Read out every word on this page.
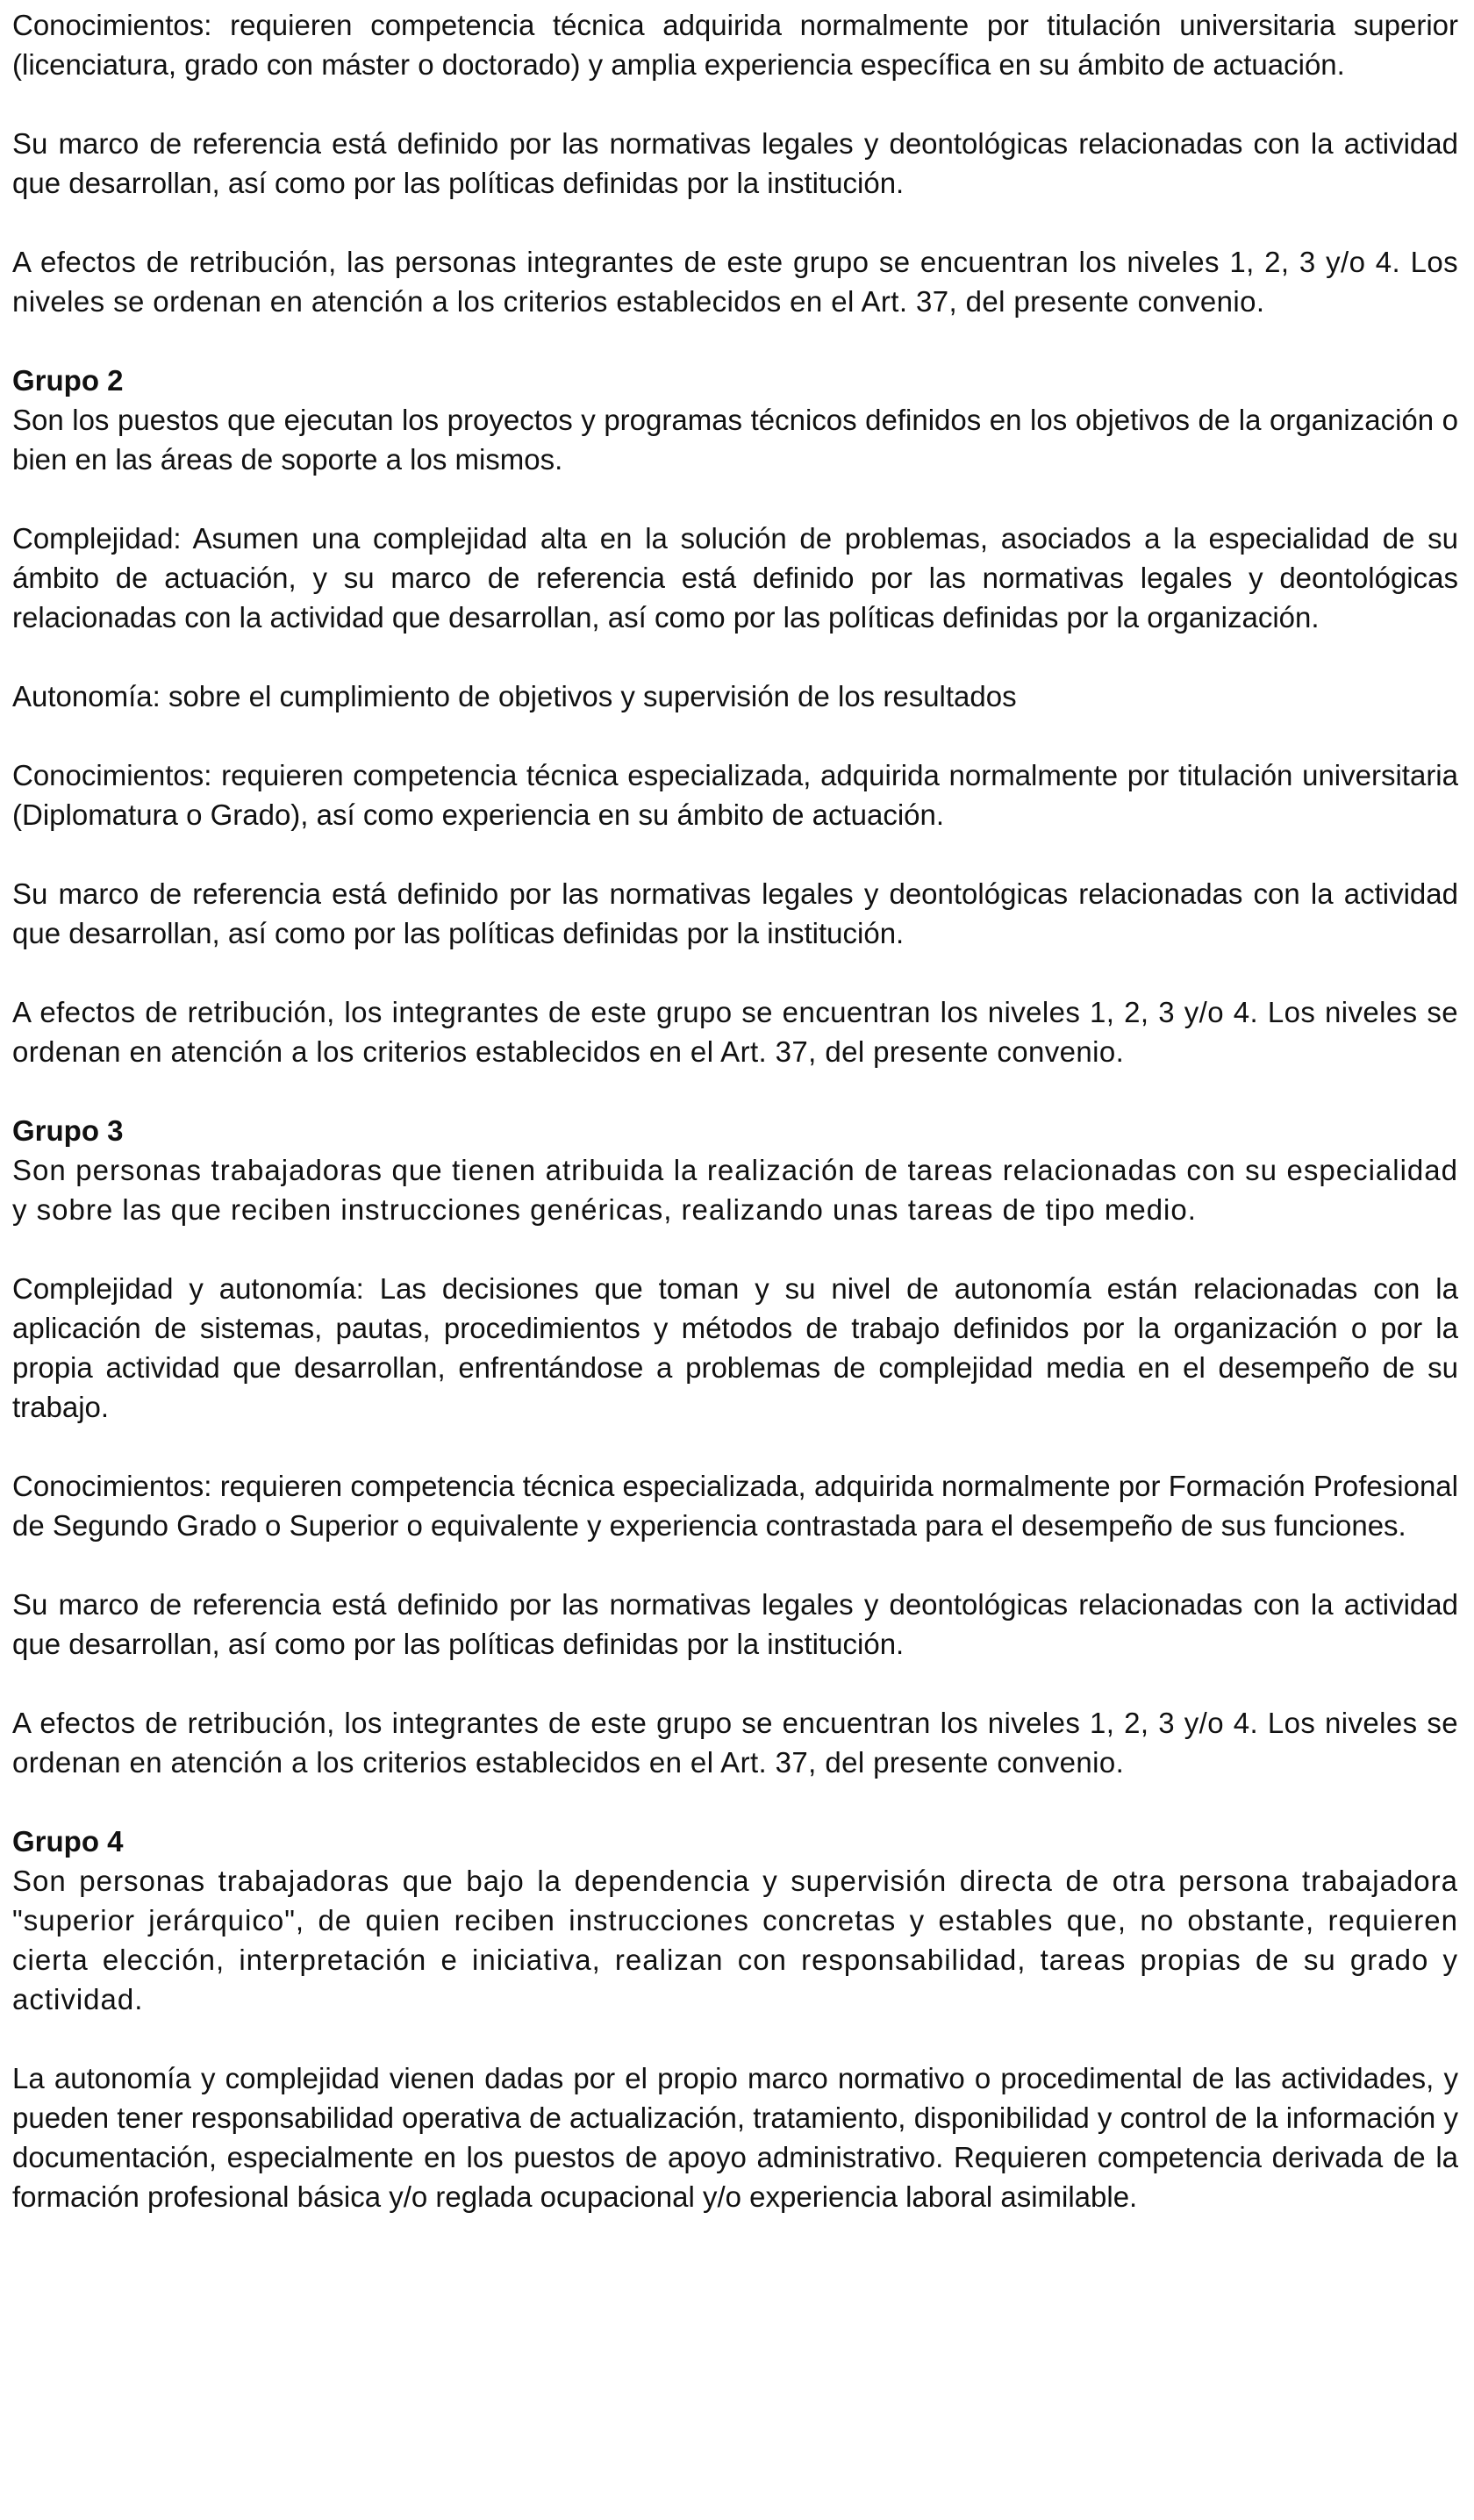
Conocimientos: requieren competencia técnica adquirida normalmente por titulación universitaria superior (licenciatura, grado con máster o doctorado) y amplia experiencia específica en su ámbito de actuación.

Su marco de referencia está definido por las normativas legales y deontológicas relacionadas con la actividad que desarrollan, así como por las políticas definidas por la institución.

A efectos de retribución, las personas integrantes de este grupo se encuentran los niveles 1, 2, 3 y/o 4. Los niveles se ordenan en atención a los criterios establecidos en el Art. 37, del presente convenio.

Grupo 2

Son los puestos que ejecutan los proyectos y programas técnicos definidos en los objetivos de la organización o bien en las áreas de soporte a los mismos.

Complejidad: Asumen una complejidad alta en la solución de problemas, asociados a la especialidad de su ámbito de actuación, y su marco de referencia está definido por las normativas legales y deontológicas relacionadas con la actividad que desarrollan, así como por las políticas definidas por la organización.

Autonomía: sobre el cumplimiento de objetivos y supervisión de los resultados

Conocimientos: requieren competencia técnica especializada, adquirida normalmente por titulación universitaria (Diplomatura o Grado), así como experiencia en su ámbito de actuación.

Su marco de referencia está definido por las normativas legales y deontológicas relacionadas con la actividad que desarrollan, así como por las políticas definidas por la institución.

A efectos de retribución, los integrantes de este grupo se encuentran los niveles 1, 2, 3 y/o 4. Los niveles se ordenan en atención a los criterios establecidos en el Art. 37, del presente convenio.

Grupo 3

Son personas trabajadoras que tienen atribuida la realización de tareas relacionadas con su especialidad y sobre las que reciben instrucciones genéricas, realizando unas tareas de tipo medio.

Complejidad y autonomía: Las decisiones que toman y su nivel de autonomía están relacionadas con la aplicación de sistemas, pautas, procedimientos y métodos de trabajo definidos por la organización o por la propia actividad que desarrollan, enfrentándose a problemas de complejidad media en el desempeño de su trabajo.

Conocimientos: requieren competencia técnica especializada, adquirida normalmente por Formación Profesional de Segundo Grado o Superior o equivalente y experiencia contrastada para el desempeño de sus funciones.

Su marco de referencia está definido por las normativas legales y deontológicas relacionadas con la actividad que desarrollan, así como por las políticas definidas por la institución.

A efectos de retribución, los integrantes de este grupo se encuentran los niveles 1, 2, 3 y/o 4. Los niveles se ordenan en atención a los criterios establecidos en el Art. 37, del presente convenio.

Grupo 4

Son personas trabajadoras que bajo la dependencia y supervisión directa de otra persona trabajadora "superior jerárquico", de quien reciben instrucciones concretas y estables que, no obstante, requieren cierta elección, interpretación e iniciativa, realizan con responsabilidad, tareas propias de su grado y actividad.

La autonomía y complejidad vienen dadas por el propio marco normativo o procedimental de las actividades, y pueden tener responsabilidad operativa de actualización, tratamiento, disponibilidad y control de la información y documentación, especialmente en los puestos de apoyo administrativo. Requieren competencia derivada de la formación profesional básica y/o reglada ocupacional y/o experiencia laboral asimilable.
